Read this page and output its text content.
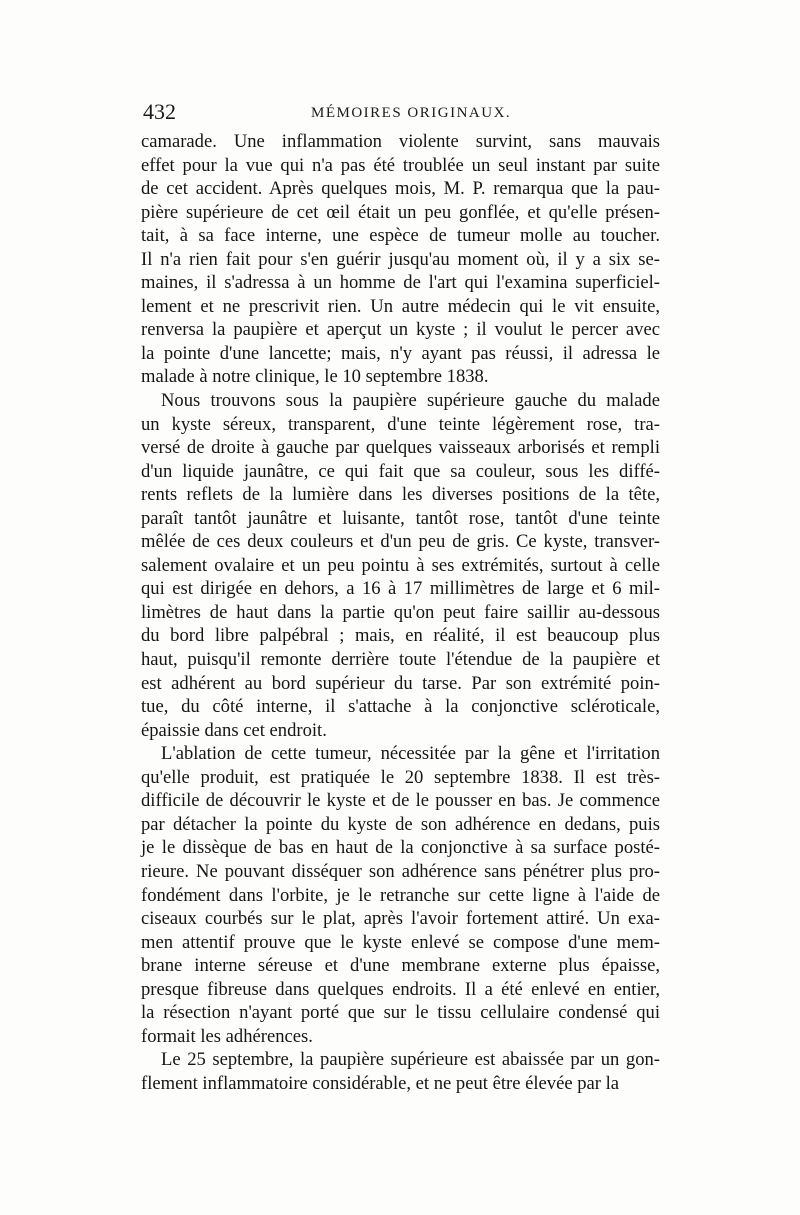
432	MÉMOIRES ORIGINAUX.
camarade. Une inflammation violente survint, sans mauvais
effet pour la vue qui n'a pas été troublée un seul instant par suite
de cet accident. Après quelques mois, M. P. remarqua que la pau-
pière supérieure de cet œil était un peu gonflée, et qu'elle présen-
tait, à sa face interne, une espèce de tumeur molle au toucher.
Il n'a rien fait pour s'en guérir jusqu'au moment où, il y a six se-
maines, il s'adressa à un homme de l'art qui l'examina superficiel-
lement et ne prescrivit rien. Un autre médecin qui le vit ensuite,
renversa la paupière et aperçut un kyste ; il voulut le percer avec
la pointe d'une lancette; mais, n'y ayant pas réussi, il adressa le
malade à notre clinique, le 10 septembre 1838.
Nous trouvons sous la paupière supérieure gauche du malade
un kyste séreux, transparent, d'une teinte légèrement rose, tra-
versé de droite à gauche par quelques vaisseaux arborisés et rempli
d'un liquide jaunâtre, ce qui fait que sa couleur, sous les diffé-
rents reflets de la lumière dans les diverses positions de la tête,
paraît tantôt jaunâtre et luisante, tantôt rose, tantôt d'une teinte
mêlée de ces deux couleurs et d'un peu de gris. Ce kyste, transver-
salement ovalaire et un peu pointu à ses extrémités, surtout à celle
qui est dirigée en dehors, a 16 à 17 millimètres de large et 6 mil-
limètres de haut dans la partie qu'on peut faire saillir au-dessous
du bord libre palpébral ; mais, en réalité, il est beaucoup plus
haut, puisqu'il remonte derrière toute l'étendue de la paupière et
est adhérent au bord supérieur du tarse. Par son extrémité poin-
tue, du côté interne, il s'attache à la conjonctive scléroticale,
épaissie dans cet endroit.
L'ablation de cette tumeur, nécessitée par la gêne et l'irritation
qu'elle produit, est pratiquée le 20 septembre 1838. Il est très-
difficile de découvrir le kyste et de le pousser en bas. Je commence
par détacher la pointe du kyste de son adhérence en dedans, puis
je le dissèque de bas en haut de la conjonctive à sa surface posté-
rieure. Ne pouvant disséquer son adhérence sans pénétrer plus pro-
fondément dans l'orbite, je le retranche sur cette ligne à l'aide de
ciseaux courbés sur le plat, après l'avoir fortement attiré. Un exa-
men attentif prouve que le kyste enlevé se compose d'une mem-
brane interne séreuse et d'une membrane externe plus épaisse,
presque fibreuse dans quelques endroits. Il a été enlevé en entier,
la résection n'ayant porté que sur le tissu cellulaire condensé qui
formait les adhérences.
Le 25 septembre, la paupière supérieure est abaissée par un gon-
flement inflammatoire considérable, et ne peut être élevée par la
